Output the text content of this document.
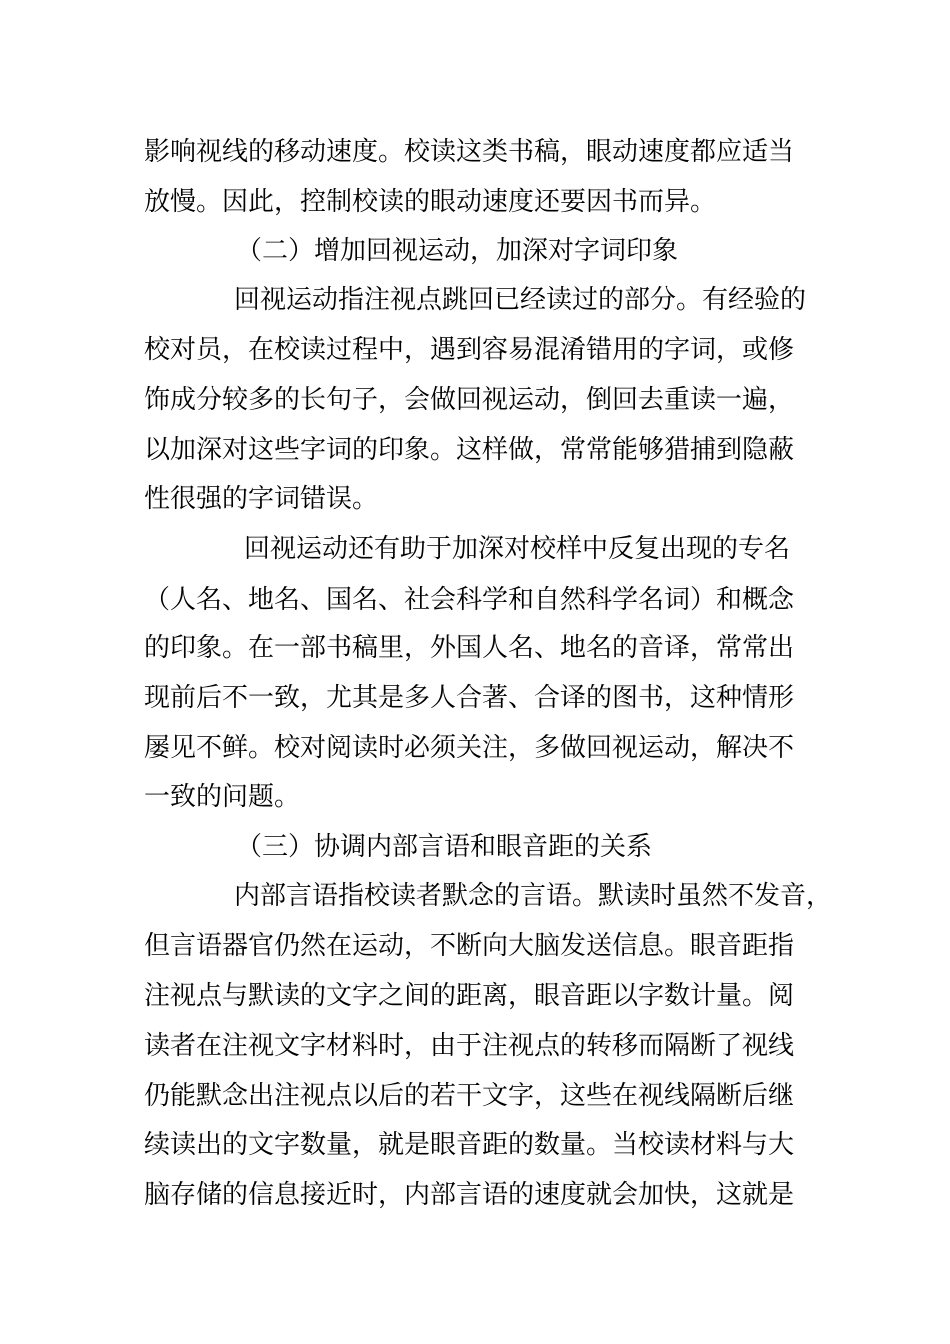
影响视线的移动速度。校读这类书稿，眼动速度都应适当
放慢。因此，控制校读的眼动速度还要因书而异。
（二）增加回视运动，加深对字词印象
回视运动指注视点跳回已经读过的部分。有经验的
校对员，在校读过程中，遇到容易混淆错用的字词，或修
饰成分较多的长句子，会做回视运动，倒回去重读一遍，
以加深对这些字词的印象。这样做，常常能够猎捕到隐蔽
性很强的字词错误。
回视运动还有助于加深对校样中反复出现的专名
（人名、地名、国名、社会科学和自然科学名词）和概念
的印象。在一部书稿里，外国人名、地名的音译，常常出
现前后不一致，尤其是多人合著、合译的图书，这种情形
屡见不鲜。校对阅读时必须关注，多做回视运动，解决不
一致的问题。
（三）协调内部言语和眼音距的关系
内部言语指校读者默念的言语。默读时虽然不发音，
但言语器官仍然在运动，不断向大脑发送信息。眼音距指
注视点与默读的文字之间的距离，眼音距以字数计量。阅
读者在注视文字材料时，由于注视点的转移而隔断了视线
仍能默念出注视点以后的若干文字，这些在视线隔断后继
续读出的文字数量，就是眼音距的数量。当校读材料与大
脑存储的信息接近时，内部言语的速度就会加快，这就是
